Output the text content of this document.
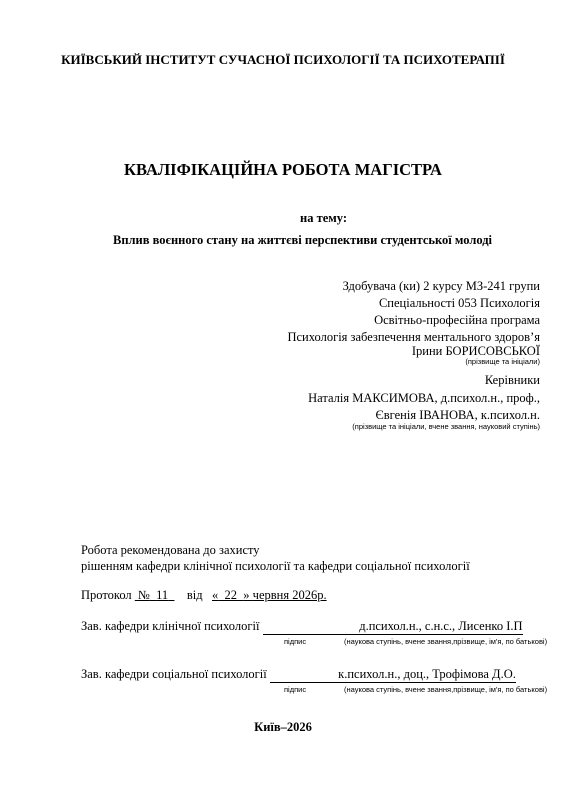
КИЇВСЬКИЙ ІНСТИТУТ СУЧАСНОЇ ПСИХОЛОГІЇ ТА ПСИХОТЕРАПІЇ
КВАЛІФІКАЦІЙНА РОБОТА МАГІСТРА
на тему:
Вплив воєнного стану на життєві перспективи студентської молоді
Здобувача (ки) 2 курсу МЗ-241 групи
Спеціальності 053 Психологія
Освітньо-професійна програма
Психологія забезпечення ментального здоров’я
Ірини БОРИСОВСЬКОЇ
(прізвище та ініціали)
Керівники
Наталія МАКСИМОВА, д.психол.н., проф.,
Євгенія ІВАНОВА, к.психол.н.
(прізвище та ініціали, вчене звання, науковий ступінь)
Робота рекомендована до захисту
рішенням кафедри клінічної психології та кафедри соціальної психології
Протокол № 11 від « 22 » червня 2026р.
Зав. кафедри клінічної психології	д.психол.н., с.н.с., Лисенко І.П
підпис	(наукова ступінь, вчене звання,прізвище, ім'я, по батькові)
Зав. кафедри соціальної психології	к.психол.н., доц., Трофімова Д.О.
підпис	(наукова ступінь, вчене звання,прізвище, ім'я, по батькові)
Київ–2026
